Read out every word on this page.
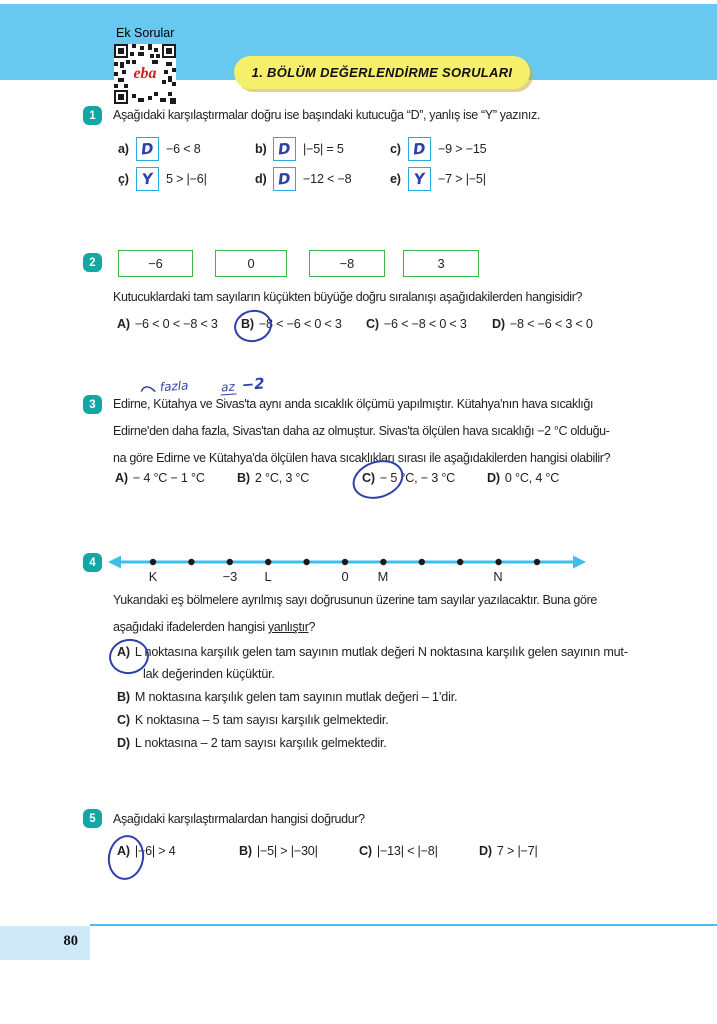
Ek Sorular
eba	1. BÖLÜM DEĞERLENDİRME SORULARI
1 Aşağıdaki karşılaştırmalar doğru ise başındaki kutucuğa “D”, yanlış ise “Y” yazınız.
a) D −6 < 8	b) D |−5| = 5	c) D −9 > −15
ç) Y 5 > |−6|	d) D −12 < −8	e) Y −7 > |−5|
2	−6	0	−8	3
Kutucuklardaki tam sayıların küçükten büyüğe doğru sıralanışı aşağıdakilerden hangisidir?
A) −6 < 0 < −8 < 3 B) −8 < −6 < 0 < 3 C) −6 < −8 < 0 < 3 D) −8 < −6 < 3 < 0
3
fazla	az −2
Edirne, Kütahya ve Sivas'ta aynı anda sıcaklık ölçümü yapılmıştır. Kütahya'nın hava sıcaklığı
Edirne'den daha fazla, Sivas'tan daha az olmuştur. Sivas'ta ölçülen hava sıcaklığı −2 °C olduğu-
na göre Edirne ve Kütahya'da ölçülen hava sıcaklıkları sırası ile aşağıdakilerden hangisi olabilir?
A) − 4 °C − 1 °C	B) 2 °C, 3 °C	C) − 5 °C, − 3 °C	D) 0 °C, 4 °C
4
K	−3 L	0 M	N
Yukarıdaki eş bölmelere ayrılmış sayı doğrusunun üzerine tam sayılar yazılacaktır. Buna göre
aşağıdaki ifadelerden hangisi yanlıştır?
A) L noktasına karşılık gelen tam sayının mutlak değeri N noktasına karşılık gelen sayının mut-
lak değerinden küçüktür.
B) M noktasına karşılık gelen tam sayının mutlak değeri – 1’dir.
C) K noktasına – 5 tam sayısı karşılık gelmektedir.
D) L noktasına – 2 tam sayısı karşılık gelmektedir.
5 Aşağıdaki karşılaştırmalardan hangisi doğrudur?
A) |−6| > 4	B) |−5| > |−30|	C) |−13| < |−8|	D) 7 > |−7|
80
